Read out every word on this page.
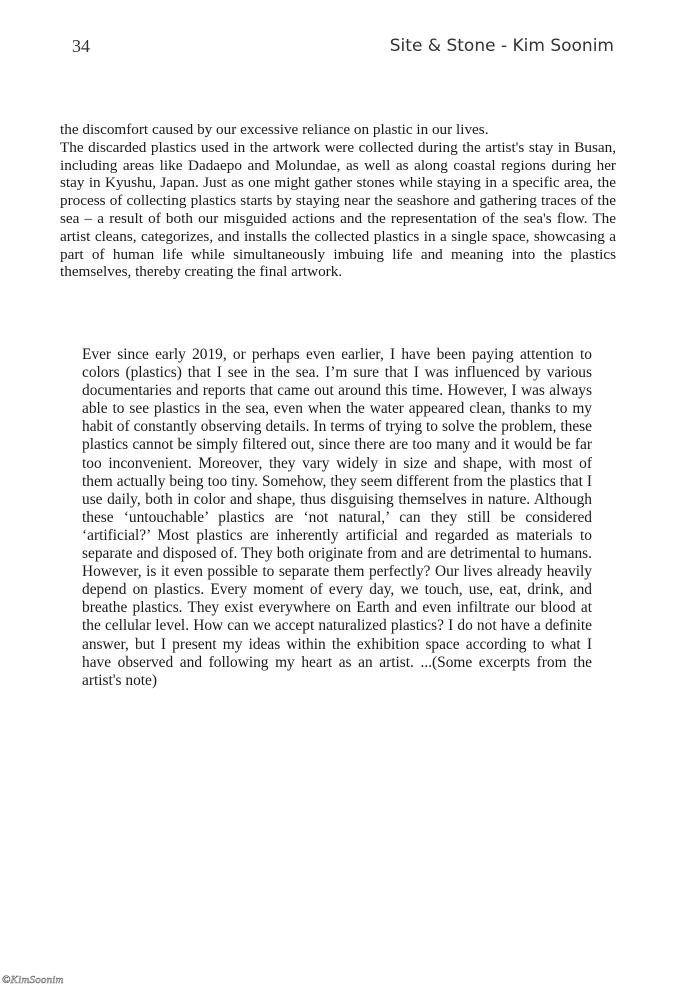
34	Site & Stone - Kim Soonim

the discomfort caused by our excessive reliance on plastic in our lives.

The discarded plastics used in the artwork were collected during the artist's stay in Busan, including areas like Dadaepo and Molundae, as well as along coastal regions during her stay in Kyushu, Japan. Just as one might gather stones while staying in a specific area, the process of collecting plastics starts by staying near the seashore and gathering traces of the sea – a result of both our misguided actions and the representation of the sea's flow. The artist cleans, categorizes, and installs the collected plastics in a single space, showcasing a part of human life while simultaneously imbuing life and meaning into the plastics themselves, thereby creating the final artwork.

Ever since early 2019, or perhaps even earlier, I have been paying attention to colors (plastics) that I see in the sea. I’m sure that I was influenced by various documentaries and reports that came out around this time. However, I was always able to see plastics in the sea, even when the water appeared clean, thanks to my habit of constantly observing details. In terms of trying to solve the problem, these plastics cannot be simply filtered out, since there are too many and it would be far too inconvenient. Moreover, they vary widely in size and shape, with most of them actually being too tiny. Somehow, they seem different from the plastics that I use daily, both in color and shape, thus disguising themselves in nature. Although these ‘untouchable’ plastics are ‘not natural,’ can they still be considered ‘artificial?’ Most plastics are inherently artificial and regarded as materials to separate and disposed of. They both originate from and are detrimental to humans. However, is it even possible to separate them perfectly? Our lives already heavily depend on plastics. Every moment of every day, we touch, use, eat, drink, and breathe plastics. They exist everywhere on Earth and even infiltrate our blood at the cellular level. How can we accept naturalized plastics? I do not have a definite answer, but I present my ideas within the exhibition space according to what I have observed and following my heart as an artist. ...(Some excerpts from the artist's note)
©KimSoonim
